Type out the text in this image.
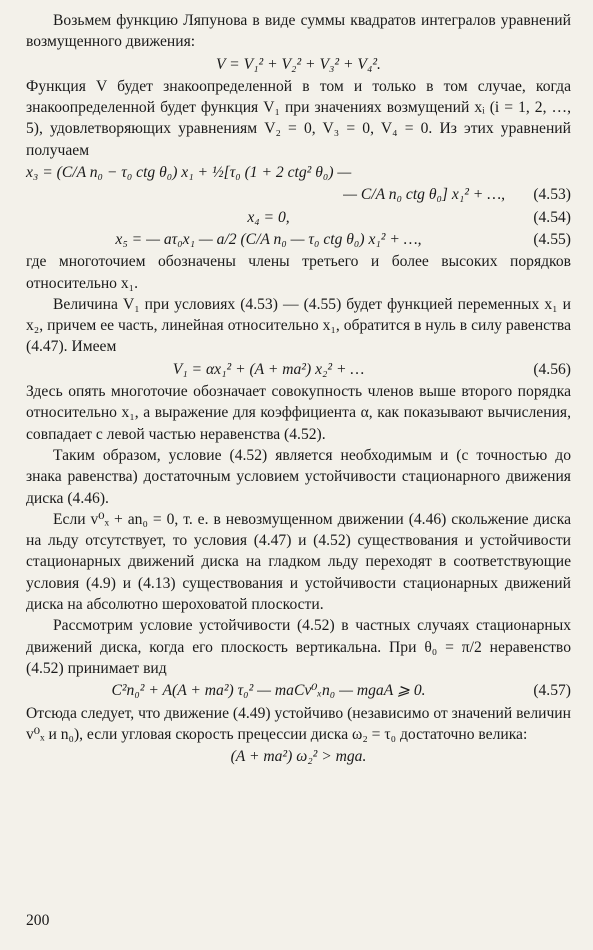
Возьмем функцию Ляпунова в виде суммы квадратов интегралов уравнений возмущенного движения:

V = V₁² + V₂² + V₃² + V₄².

Функция V будет знакоопределенной в том и только в том случае, когда знакоопределенной будет функция V₁ при значениях возмущений xᵢ (i = 1, 2, …, 5), удовлетворяющих уравнениям V₂ = 0, V₃ = 0, V₄ = 0. Из этих уравнений получаем

x₃ = (C/A n₀ − τ₀ ctg θ₀) x₁ + ½[τ₀ (1 + 2 ctg² θ₀) —
— C/A n₀ ctg θ₀] x₁² + …,	(4.53)
x₄ = 0,	(4.54)
x₅ = — aτ₀x₁ — a/2 (C/A n₀ — τ₀ ctg θ₀) x₁² + …,	(4.55)

где многоточием обозначены члены третьего и более высоких порядков относительно x₁.

Величина V₁ при условиях (4.53) — (4.55) будет функцией переменных x₁ и x₂, причем ее часть, линейная относительно x₁, обратится в нуль в силу равенства (4.47). Имеем

V₁ = αx₁² + (A + ma²) x₂² + …	(4.56)

Здесь опять многоточие обозначает совокупность членов выше второго порядка относительно x₁, а выражение для коэффициента α, как показывают вычисления, совпадает с левой частью неравенства (4.52).

Таким образом, условие (4.52) является необходимым и (с точностью до знака равенства) достаточным условием устойчивости стационарного движения диска (4.46).

Если v⁰ₓ + an₀ = 0, т. е. в невозмущенном движении (4.46) скольжение диска на льду отсутствует, то условия (4.47) и (4.52) существования и устойчивости стационарных движений диска на гладком льду переходят в соответствующие условия (4.9) и (4.13) существования и устойчивости стационарных движений диска на абсолютно шероховатой плоскости.

Рассмотрим условие устойчивости (4.52) в частных случаях стационарных движений диска, когда его плоскость вертикальна. При θ₀ = π/2 неравенство (4.52) принимает вид

C²n₀² + A(A + ma²) τ₀² — maCv⁰ₓn₀ — mgaA ⩾ 0.	(4.57)

Отсюда следует, что движение (4.49) устойчиво (независимо от значений величин v⁰ₓ и n₀), если угловая скорость прецессии диска ω₂ = τ₀ достаточно велика:

(A + ma²) ω₂² > mga.
200
